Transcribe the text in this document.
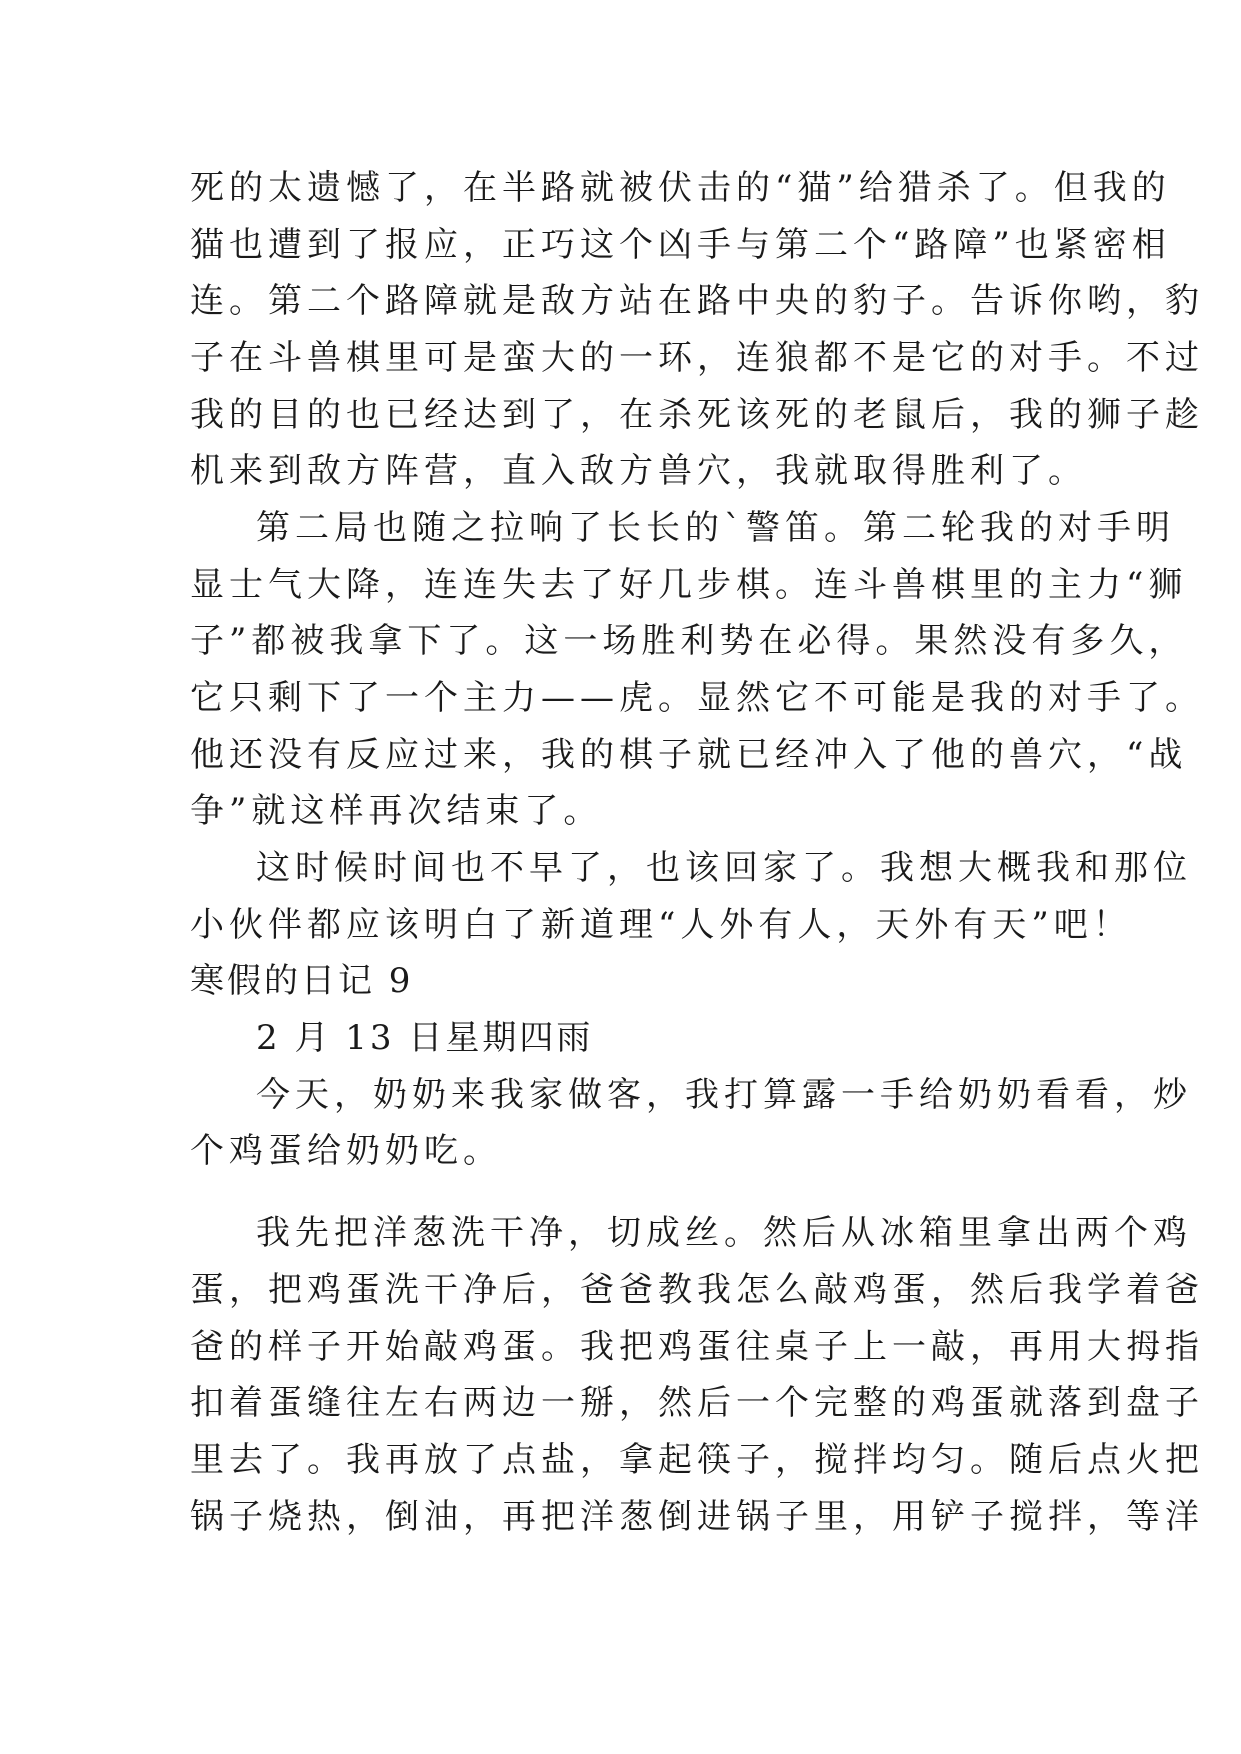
死的太遗憾了，在半路就被伏击的“猫”给猎杀了。但我的
猫也遭到了报应，正巧这个凶手与第二个“路障”也紧密相
连。第二个路障就是敌方站在路中央的豹子。告诉你哟，豹
子在斗兽棋里可是蛮大的一环，连狼都不是它的对手。不过
我的目的也已经达到了，在杀死该死的老鼠后，我的狮子趁
机来到敌方阵营，直入敌方兽穴，我就取得胜利了。
第二局也随之拉响了长长的`警笛。第二轮我的对手明
显士气大降，连连失去了好几步棋。连斗兽棋里的主力“狮
子”都被我拿下了。这一场胜利势在必得。果然没有多久，
它只剩下了一个主力——虎。显然它不可能是我的对手了。
他还没有反应过来，我的棋子就已经冲入了他的兽穴，“战
争”就这样再次结束了。
这时候时间也不早了，也该回家了。我想大概我和那位
小伙伴都应该明白了新道理“人外有人，天外有天”吧！
寒假的日记 9
2 月 13 日星期四雨
今天，奶奶来我家做客，我打算露一手给奶奶看看，炒
个鸡蛋给奶奶吃。
我先把洋葱洗干净，切成丝。然后从冰箱里拿出两个鸡
蛋，把鸡蛋洗干净后，爸爸教我怎么敲鸡蛋，然后我学着爸
爸的样子开始敲鸡蛋。我把鸡蛋往桌子上一敲，再用大拇指
扣着蛋缝往左右两边一掰，然后一个完整的鸡蛋就落到盘子
里去了。我再放了点盐，拿起筷子，搅拌均匀。随后点火把
锅子烧热，倒油，再把洋葱倒进锅子里，用铲子搅拌，等洋
